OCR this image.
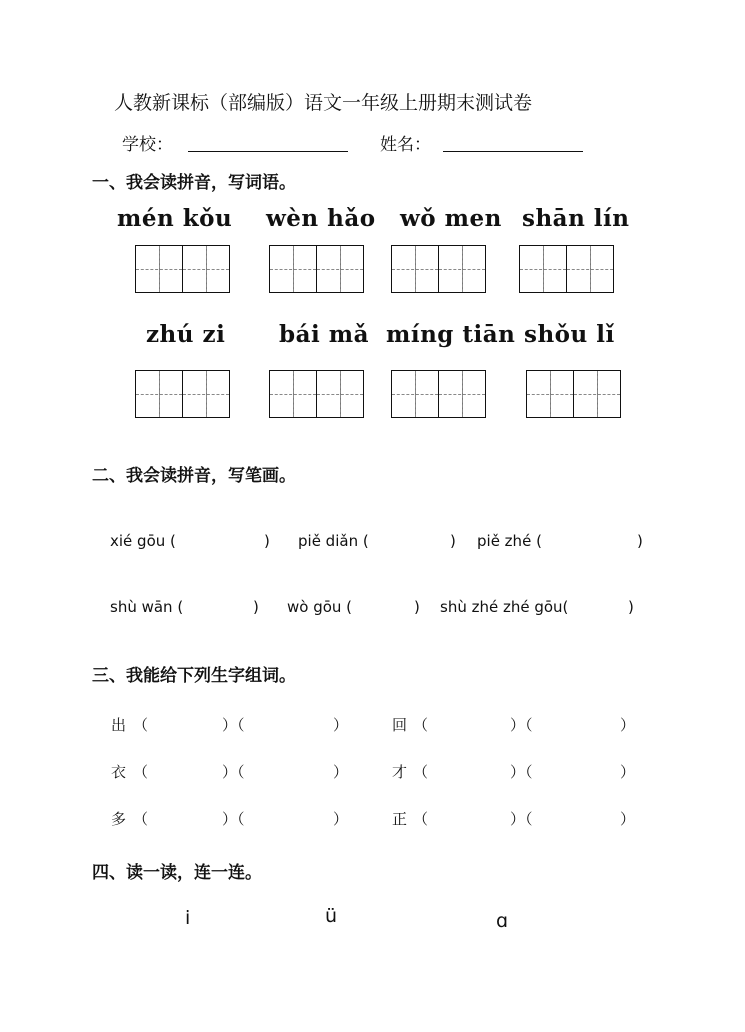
人教新课标（部编版）语文一年级上册期末测试卷
学校：	姓名：
一、我会读拼音，写词语。
mén kǒu wèn hǎo wǒ men shān lín
zhú zi bái mǎ míng tiān shǒu lǐ
二、我会读拼音，写笔画。
xié gōu (	) piě diǎn (	) piě zhé (	)
shù wān (	) wò gōu (	) shù zhé zhé gōu(	)
三、我能给下列生字组词。
出 （	）（	）	回 （	）（	）
衣 （	）（	）	才 （	）（	）
多 （	）（	）	正 （	）（	）
四、读一读，连一连。
i	ü	ɑ
